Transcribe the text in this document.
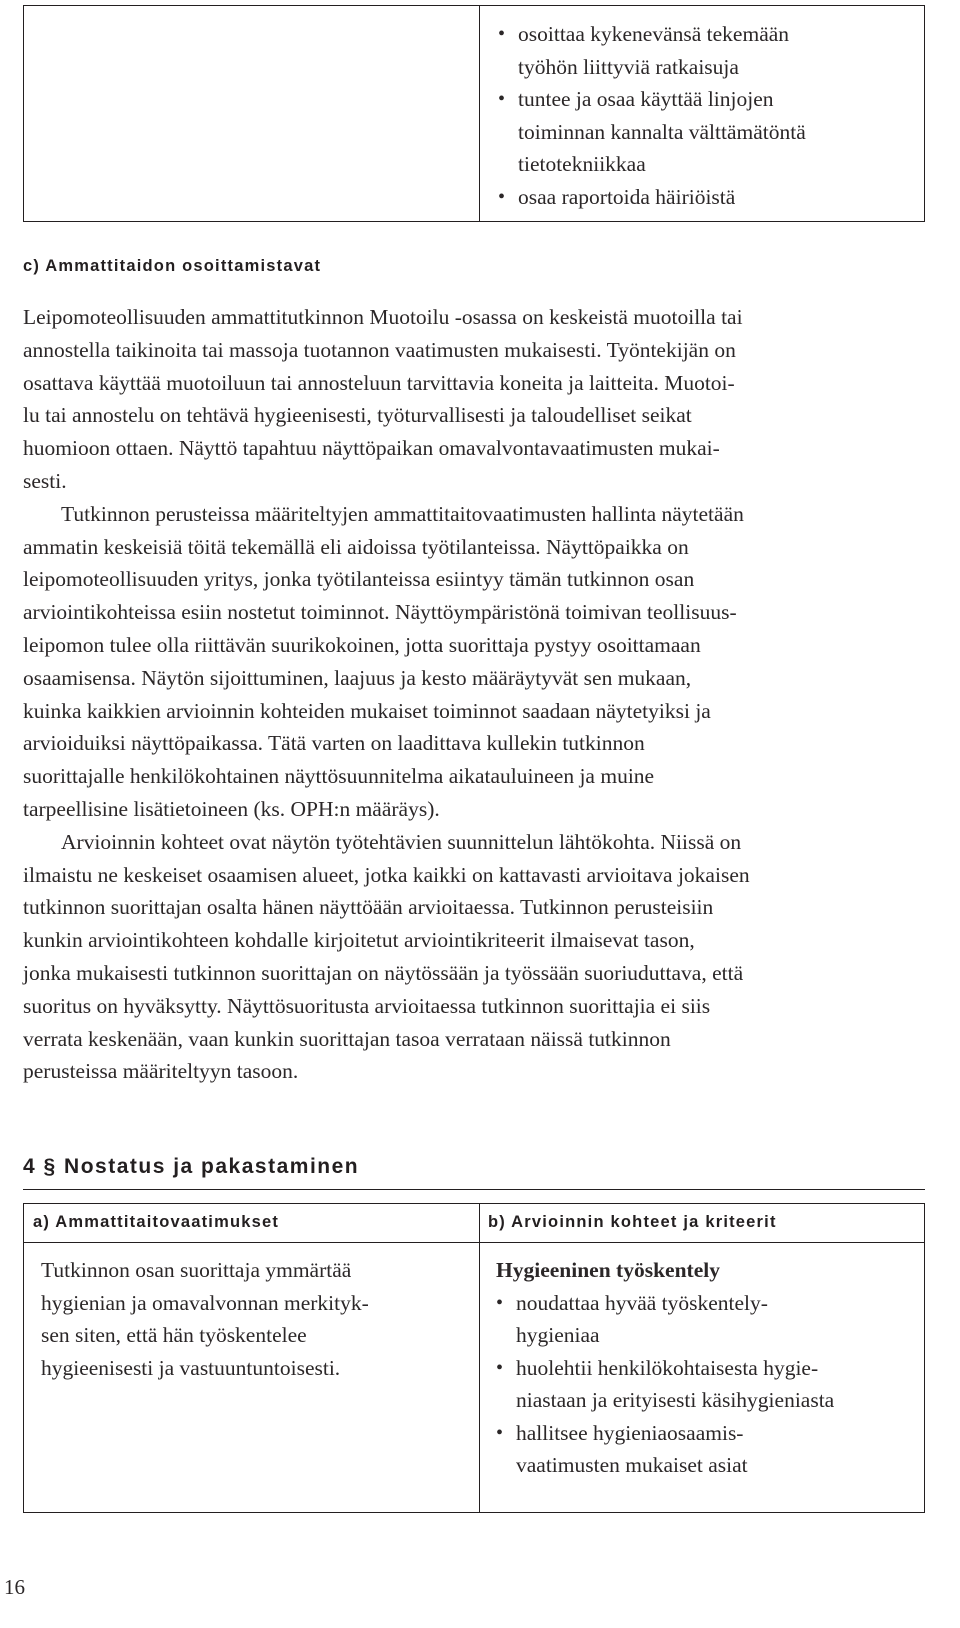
• osoittaa kykenevänsä tekemään
työhön liittyviä ratkaisuja
• tuntee ja osaa käyttää linjojen
toiminnan kannalta välttämätöntä
tietotekniikkaa
• osaa raportoida häiriöistä
c) Ammattitaidon osoittamistavat

Leipomoteollisuuden ammattitutkinnon Muotoilu -osassa on keskeistä muotoilla tai
annostella taikinoita tai massoja tuotannon vaatimusten mukaisesti. Työntekijän on
osattava käyttää muotoiluun tai annosteluun tarvittavia koneita ja laitteita. Muotoi-
lu tai annostelu on tehtävä hygieenisesti, työturvallisesti ja taloudelliset seikat
huomioon ottaen. Näyttö tapahtuu näyttöpaikan omavalvontavaatimusten mukai-
sesti.

Tutkinnon perusteissa määriteltyjen ammattitaitovaatimusten hallinta näytetään
ammatin keskeisiä töitä tekemällä eli aidoissa työtilanteissa. Näyttöpaikka on
leipomoteollisuuden yritys, jonka työtilanteissa esiintyy tämän tutkinnon osan
arviointikohteissa esiin nostetut toiminnot. Näyttöympäristönä toimivan teollisuus-
leipomon tulee olla riittävän suurikokoinen, jotta suorittaja pystyy osoittamaan
osaamisensa. Näytön sijoittuminen, laajuus ja kesto määräytyvät sen mukaan,
kuinka kaikkien arvioinnin kohteiden mukaiset toiminnot saadaan näytetyiksi ja
arvioiduiksi näyttöpaikassa. Tätä varten on laadittava kullekin tutkinnon
suorittajalle henkilökohtainen näyttösuunnitelma aikatauluineen ja muine
tarpeellisine lisätietoineen (ks. OPH:n määräys).

Arvioinnin kohteet ovat näytön työtehtävien suunnittelun lähtökohta. Niissä on
ilmaistu ne keskeiset osaamisen alueet, jotka kaikki on kattavasti arvioitava jokaisen
tutkinnon suorittajan osalta hänen näyttöään arvioitaessa. Tutkinnon perusteisiin
kunkin arviointikohteen kohdalle kirjoitetut arviointikriteerit ilmaisevat tason,
jonka mukaisesti tutkinnon suorittajan on näytössään ja työssään suoriuduttava, että
suoritus on hyväksytty. Näyttösuoritusta arvioitaessa tutkinnon suorittajia ei siis
verrata keskenään, vaan kunkin suorittajan tasoa verrataan näissä tutkinnon
perusteissa määriteltyyn tasoon.

4 § Nostatus ja pakastaminen
a) Ammattitaitovaatimukset	b) Arvioinnin kohteet ja kriteerit

Tutkinnon osan suorittaja ymmärtää
hygienian ja omavalvonnan merkityk-
sen siten, että hän työskentelee
hygieenisesti ja vastuuntuntoisesti.

Hygieeninen työskentely

• noudattaa hyvää työskentely-
hygieniaa
• huolehtii henkilökohtaisesta hygie-
niastaan ja erityisesti käsihygieniasta
• hallitsee hygieniaosaamis-
vaatimusten mukaiset asiat

16
